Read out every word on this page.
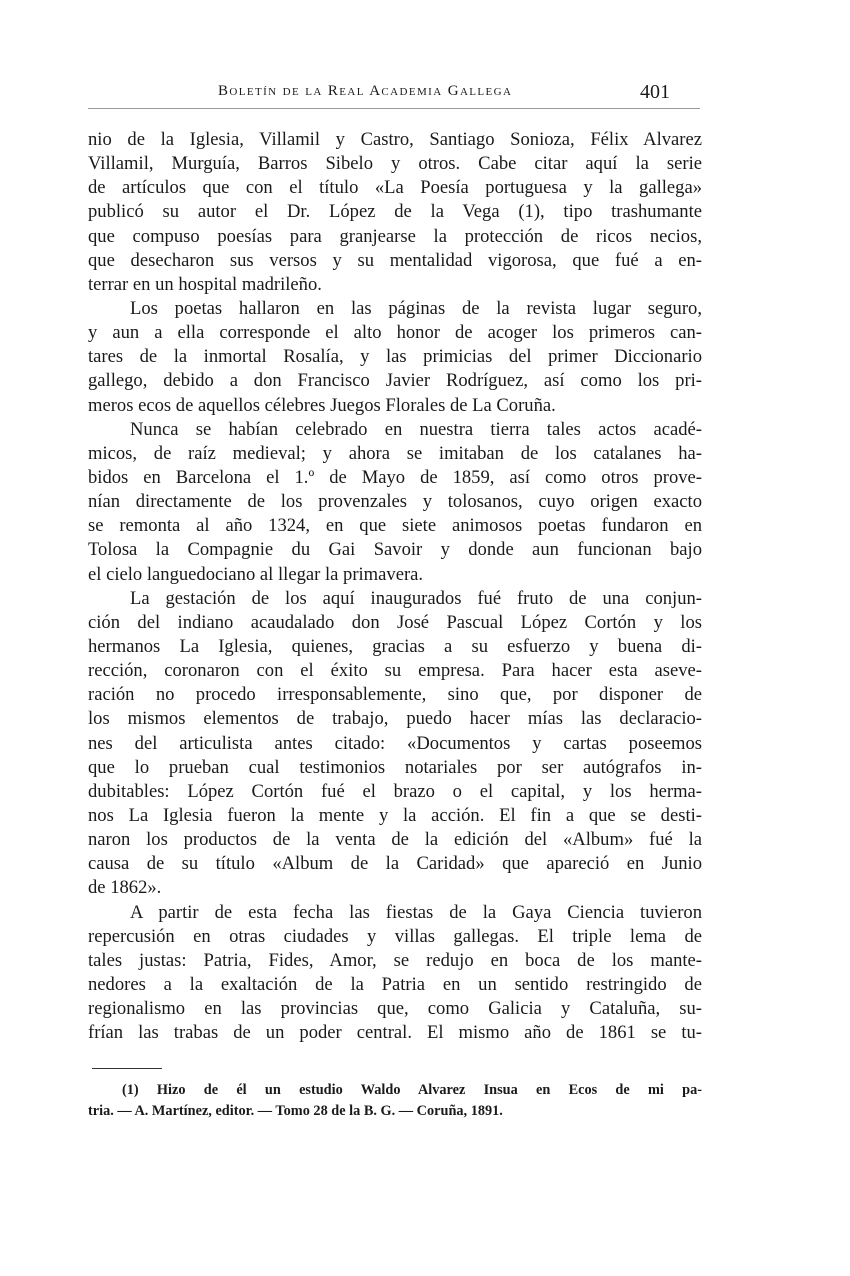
Boletín de la Real Academia Gallega	401
nio de la Iglesia, Villamil y Castro, Santiago Sonioza, Félix Alvarez
Villamil, Murguía, Barros Sibelo y otros. Cabe citar aquí la serie
de artículos que con el título «La Poesía portuguesa y la gallega»
publicó su autor el Dr. López de la Vega (1), tipo trashumante
que compuso poesías para granjearse la protección de ricos necios,
que desecharon sus versos y su mentalidad vigorosa, que fué a en-
terrar en un hospital madrileño.
Los poetas hallaron en las páginas de la revista lugar seguro,
y aun a ella corresponde el alto honor de acoger los primeros can-
tares de la inmortal Rosalía, y las primicias del primer Diccionario
gallego, debido a don Francisco Javier Rodríguez, así como los pri-
meros ecos de aquellos célebres Juegos Florales de La Coruña.
Nunca se habían celebrado en nuestra tierra tales actos acadé-
micos, de raíz medieval; y ahora se imitaban de los catalanes ha-
bidos en Barcelona el 1.º de Mayo de 1859, así como otros prove-
nían directamente de los provenzales y tolosanos, cuyo origen exacto
se remonta al año 1324, en que siete animosos poetas fundaron en
Tolosa la Compagnie du Gai Savoir y donde aun funcionan bajo
el cielo languedociano al llegar la primavera.
La gestación de los aquí inaugurados fué fruto de una conjun-
ción del indiano acaudalado don José Pascual López Cortón y los
hermanos La Iglesia, quienes, gracias a su esfuerzo y buena di-
rección, coronaron con el éxito su empresa. Para hacer esta aseve-
ración no procedo irresponsablemente, sino que, por disponer de
los mismos elementos de trabajo, puedo hacer mías las declaracio-
nes del articulista antes citado: «Documentos y cartas poseemos
que lo prueban cual testimonios notariales por ser autógrafos in-
dubitables: López Cortón fué el brazo o el capital, y los herma-
nos La Iglesia fueron la mente y la acción. El fin a que se desti-
naron los productos de la venta de la edición del «Album» fué la
causa de su título «Album de la Caridad» que apareció en Junio
de 1862».
A partir de esta fecha las fiestas de la Gaya Ciencia tuvieron
repercusión en otras ciudades y villas gallegas. El triple lema de
tales justas: Patria, Fides, Amor, se redujo en boca de los mante-
nedores a la exaltación de la Patria en un sentido restringido de
regionalismo en las provincias que, como Galicia y Cataluña, su-
frían las trabas de un poder central. El mismo año de 1861 se tu-
(1) Hizo de él un estudio Waldo Alvarez Insua en Ecos de mi pa-
tria. — A. Martínez, editor. — Tomo 28 de la B. G. — Coruña, 1891.
